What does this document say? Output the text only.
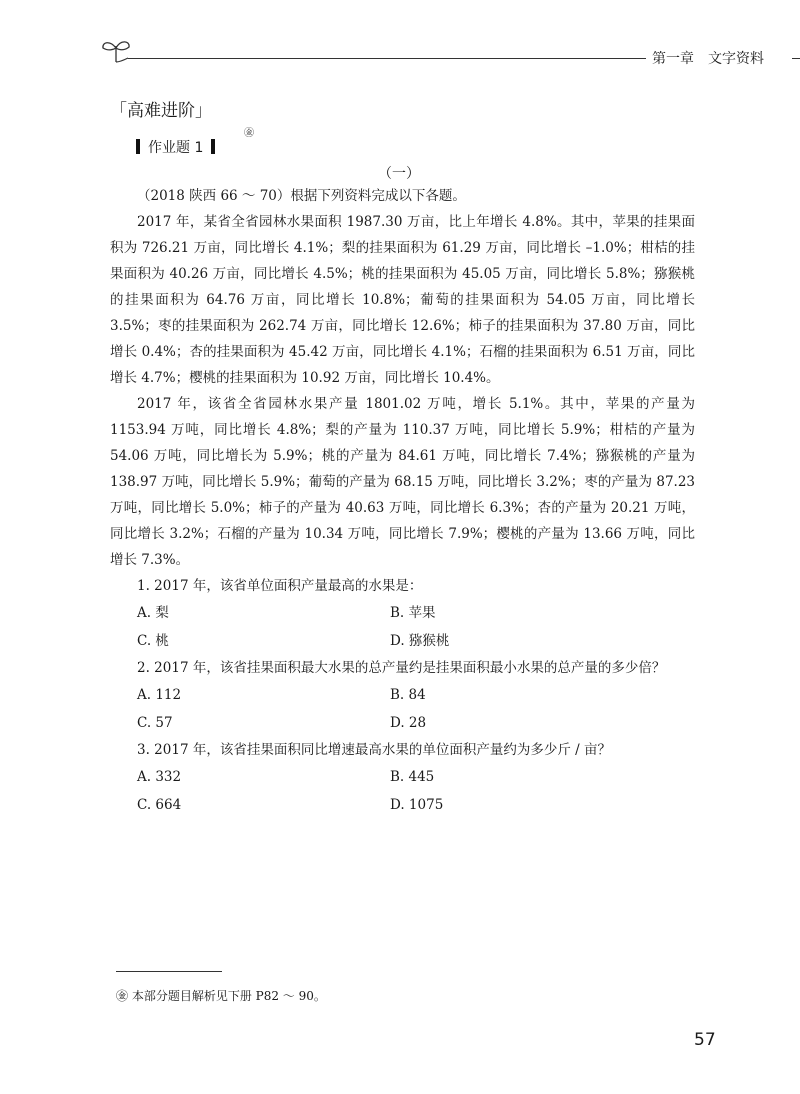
第一章　文字资料
「高难进阶」
作业题 1
㊎
（一）

（2018 陕西 66 ～ 70）根据下列资料完成以下各题。

2017 年，某省全省园林水果面积 1987.30 万亩，比上年增长 4.8%。其中，苹果的挂果面积为 726.21 万亩，同比增长 4.1%；梨的挂果面积为 61.29 万亩，同比增长 –1.0%；柑桔的挂果面积为 40.26 万亩，同比增长 4.5%；桃的挂果面积为 45.05 万亩，同比增长 5.8%；猕猴桃的挂果面积为 64.76 万亩，同比增长 10.8%；葡萄的挂果面积为 54.05 万亩，同比增长 3.5%；枣的挂果面积为 262.74 万亩，同比增长 12.6%；柿子的挂果面积为 37.80 万亩，同比增长 0.4%；杏的挂果面积为 45.42 万亩，同比增长 4.1%；石榴的挂果面积为 6.51 万亩，同比增长 4.7%；樱桃的挂果面积为 10.92 万亩，同比增长 10.4%。

2017 年，该省全省园林水果产量 1801.02 万吨，增长 5.1%。其中，苹果的产量为 1153.94 万吨，同比增长 4.8%；梨的产量为 110.37 万吨，同比增长 5.9%；柑桔的产量为 54.06 万吨，同比增长为 5.9%；桃的产量为 84.61 万吨，同比增长 7.4%；猕猴桃的产量为 138.97 万吨，同比增长 5.9%；葡萄的产量为 68.15 万吨，同比增长 3.2%；枣的产量为 87.23 万吨，同比增长 5.0%；柿子的产量为 40.63 万吨，同比增长 6.3%；杏的产量为 20.21 万吨，同比增长 3.2%；石榴的产量为 10.34 万吨，同比增长 7.9%；樱桃的产量为 13.66 万吨，同比增长 7.3%。

1. 2017 年，该省单位面积产量最高的水果是：

A. 梨	B. 苹果
C. 桃	D. 猕猴桃

2. 2017 年，该省挂果面积最大水果的总产量约是挂果面积最小水果的总产量的多少倍？

A. 112	B. 84
C. 57	D. 28

3. 2017 年，该省挂果面积同比增速最高水果的单位面积产量约为多少斤 / 亩？

A. 332	B. 445
C. 664	D. 1075
㊎ 本部分题目解析见下册 P82 ～ 90。
57
